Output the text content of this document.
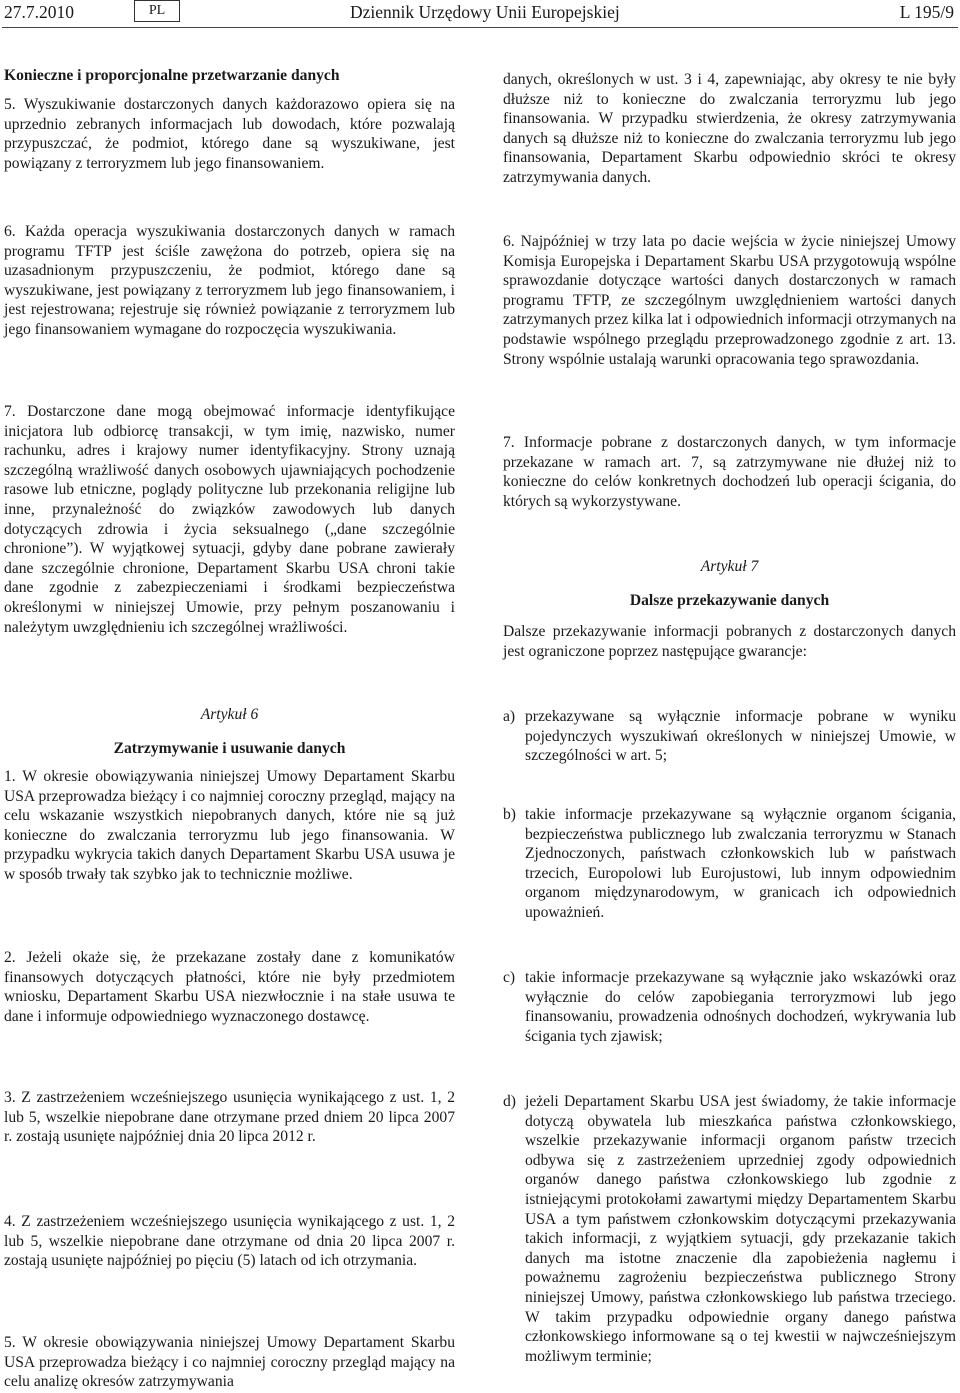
27.7.2010	PL	Dziennik Urzędowy Unii Europejskiej	L 195/9

Konieczne i proporcjonalne przetwarzanie danych

5. Wyszukiwanie dostarczonych danych każdorazowo opiera się na uprzednio zebranych informacjach lub dowodach, które pozwalają przypuszczać, że podmiot, którego dane są wyszukiwane, jest powiązany z terroryzmem lub jego finansowaniem.

6. Każda operacja wyszukiwania dostarczonych danych w ramach programu TFTP jest ściśle zawężona do potrzeb, opiera się na uzasadnionym przypuszczeniu, że podmiot, którego dane są wyszukiwane, jest powiązany z terroryzmem lub jego finansowaniem, i jest rejestrowana; rejestruje się również powiązanie z terroryzmem lub jego finansowaniem wymagane do rozpoczęcia wyszukiwania.

7. Dostarczone dane mogą obejmować informacje identyfikujące inicjatora lub odbiorcę transakcji, w tym imię, nazwisko, numer rachunku, adres i krajowy numer identyfikacyjny. Strony uznają szczególną wrażliwość danych osobowych ujawniających pochodzenie rasowe lub etniczne, poglądy polityczne lub przekonania religijne lub inne, przynależność do związków zawodowych lub danych dotyczących zdrowia i życia seksualnego („dane szczególnie chronione”). W wyjątkowej sytuacji, gdyby dane pobrane zawierały dane szczególnie chronione, Departament Skarbu USA chroni takie dane zgodnie z zabezpieczeniami i środkami bezpieczeństwa określonymi w niniejszej Umowie, przy pełnym poszanowaniu i należytym uwzględnieniu ich szczególnej wrażliwości.

danych, określonych w ust. 3 i 4, zapewniając, aby okresy te nie były dłuższe niż to konieczne do zwalczania terroryzmu lub jego finansowania. W przypadku stwierdzenia, że okresy zatrzymywania danych są dłuższe niż to konieczne do zwalczania terroryzmu lub jego finansowania, Departament Skarbu odpowiednio skróci te okresy zatrzymywania danych.

6. Najpóźniej w trzy lata po dacie wejścia w życie niniejszej Umowy Komisja Europejska i Departament Skarbu USA przygotowują wspólne sprawozdanie dotyczące wartości danych dostarczonych w ramach programu TFTP, ze szczególnym uwzględnieniem wartości danych zatrzymanych przez kilka lat i odpowiednich informacji otrzymanych na podstawie wspólnego przeglądu przeprowadzonego zgodnie z art. 13. Strony wspólnie ustalają warunki opracowania tego sprawozdania.

7. Informacje pobrane z dostarczonych danych, w tym informacje przekazane w ramach art. 7, są zatrzymywane nie dłużej niż to konieczne do celów konkretnych dochodzeń lub operacji ścigania, do których są wykorzystywane.

Artykuł 7

Dalsze przekazywanie danych

Dalsze przekazywanie informacji pobranych z dostarczonych danych jest ograniczone poprzez następujące gwarancje:

Artykuł 6

Zatrzymywanie i usuwanie danych

1. W okresie obowiązywania niniejszej Umowy Departament Skarbu USA przeprowadza bieżący i co najmniej coroczny przegląd, mający na celu wskazanie wszystkich niepobranych danych, które nie są już konieczne do zwalczania terroryzmu lub jego finansowania. W przypadku wykrycia takich danych Departament Skarbu USA usuwa je w sposób trwały tak szybko jak to technicznie możliwe.

2. Jeżeli okaże się, że przekazane zostały dane z komunikatów finansowych dotyczących płatności, które nie były przedmiotem wniosku, Departament Skarbu USA niezwłocznie i na stałe usuwa te dane i informuje odpowiedniego wyznaczonego dostawcę.

3. Z zastrzeżeniem wcześniejszego usunięcia wynikającego z ust. 1, 2 lub 5, wszelkie niepobrane dane otrzymane przed dniem 20 lipca 2007 r. zostają usunięte najpóźniej dnia 20 lipca 2012 r.

4. Z zastrzeżeniem wcześniejszego usunięcia wynikającego z ust. 1, 2 lub 5, wszelkie niepobrane dane otrzymane od dnia 20 lipca 2007 r. zostają usunięte najpóźniej po pięciu (5) latach od ich otrzymania.

5. W okresie obowiązywania niniejszej Umowy Departament Skarbu USA przeprowadza bieżący i co najmniej coroczny przegląd mający na celu analizę okresów zatrzymywania

a) przekazywane są wyłącznie informacje pobrane w wyniku pojedynczych wyszukiwań określonych w niniejszej Umowie, w szczególności w art. 5;

b) takie informacje przekazywane są wyłącznie organom ścigania, bezpieczeństwa publicznego lub zwalczania terroryzmu w Stanach Zjednoczonych, państwach członkowskich lub w państwach trzecich, Europolowi lub Eurojustowi, lub innym odpowiednim organom międzynarodowym, w granicach ich odpowiednich upoważnień.

c) takie informacje przekazywane są wyłącznie jako wskazówki oraz wyłącznie do celów zapobiegania terroryzmowi lub jego finansowaniu, prowadzenia odnośnych dochodzeń, wykrywania lub ścigania tych zjawisk;

d) jeżeli Departament Skarbu USA jest świadomy, że takie informacje dotyczą obywatela lub mieszkańca państwa członkowskiego, wszelkie przekazywanie informacji organom państw trzecich odbywa się z zastrzeżeniem uprzedniej zgody odpowiednich organów danego państwa członkowskiego lub zgodnie z istniejącymi protokołami zawartymi między Departamentem Skarbu USA a tym państwem członkowskim dotyczącymi przekazywania takich informacji, z wyjątkiem sytuacji, gdy przekazanie takich danych ma istotne znaczenie dla zapobieżenia nagłemu i poważnemu zagrożeniu bezpieczeństwa publicznego Strony niniejszej Umowy, państwa członkowskiego lub państwa trzeciego. W takim przypadku odpowiednie organy danego państwa członkowskiego informowane są o tej kwestii w najwcześniejszym możliwym terminie;
